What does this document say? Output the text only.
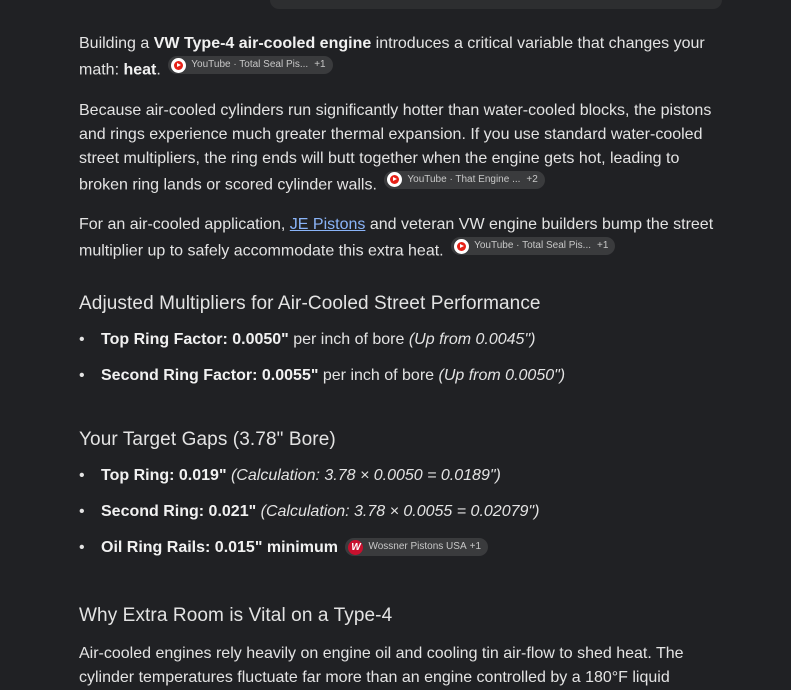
Building a VW Type-4 air-cooled engine introduces a critical variable that changes your math: heat.	YouTube · Total Seal Pis... +1

Because air-cooled cylinders run significantly hotter than water-cooled blocks, the pistons and rings experience much greater thermal expansion. If you use standard water-cooled street multipliers, the ring ends will butt together when the engine gets hot, leading to broken ring lands or scored cylinder walls.	YouTube · That Engine ... +2

For an air-cooled application, JE Pistons and veteran VW engine builders bump the street multiplier up to safely accommodate this extra heat.	YouTube · Total Seal Pis... +1

Adjusted Multipliers for Air-Cooled Street Performance
• Top Ring Factor: 0.0050" per inch of bore (Up from 0.0045")
• Second Ring Factor: 0.0055" per inch of bore (Up from 0.0050")
Your Target Gaps (3.78" Bore)
• Top Ring: 0.019" (Calculation: 3.78 × 0.0050 = 0.0189")
• Second Ring: 0.021" (Calculation: 3.78 × 0.0055 = 0.02079")
• Oil Ring Rails: 0.015" minimum W Wossner Pistons USA +1
Why Extra Room is Vital on a Type-4

Air-cooled engines rely heavily on engine oil and cooling tin air-flow to shed heat. The cylinder temperatures fluctuate far more than an engine controlled by a 180°F liquid
